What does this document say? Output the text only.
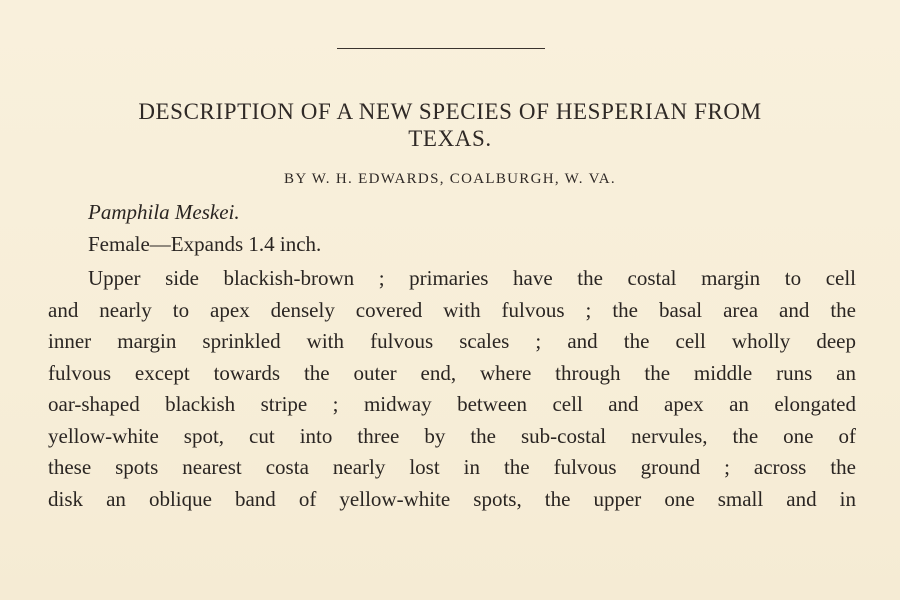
DESCRIPTION OF A NEW SPECIES OF HESPERIAN FROM
TEXAS.
BY W. H. EDWARDS, COALBURGH, W. VA.
Pamphila Meskei.
Female—Expands 1.4 inch.
Upper side blackish-brown ; primaries have the costal margin to cell
and nearly to apex densely covered with fulvous ; the basal area and the
inner margin sprinkled with fulvous scales ; and the cell wholly deep
fulvous except towards the outer end, where through the middle runs an
oar-shaped blackish stripe ; midway between cell and apex an elongated
yellow-white spot, cut into three by the sub-costal nervules, the one of
these spots nearest costa nearly lost in the fulvous ground ; across the
disk an oblique band of yellow-white spots, the upper one small and in
